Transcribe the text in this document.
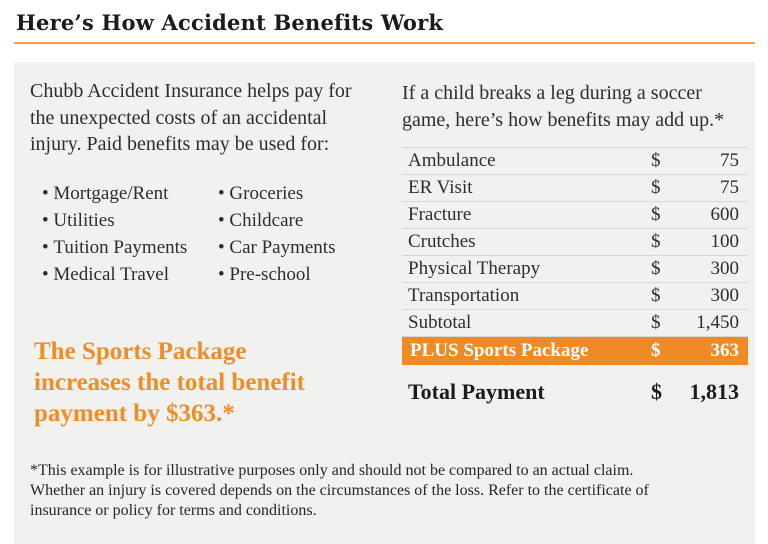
Here’s How Accident Benefits Work

Chubb Accident Insurance helps pay for
the unexpected costs of an accidental
injury. Paid benefits may be used for:

• Mortgage/Rent
• Utilities
• Tuition Payments
• Medical Travel
• Groceries
• Childcare
• Car Payments
• Pre-school

The Sports Package
increases the total benefit
payment by $363.*

If a child breaks a leg during a soccer
game, here’s how benefits may add up.*

Ambulance	$	75
ER Visit	$	75
Fracture	$	600
Crutches	$	100
Physical Therapy	$	300
Transportation	$	300
Subtotal	$	1,450
PLUS Sports Package	$	363
Total Payment	$	1,813

*This example is for illustrative purposes only and should not be compared to an actual claim.
Whether an injury is covered depends on the circumstances of the loss. Refer to the certificate of
insurance or policy for terms and conditions.
